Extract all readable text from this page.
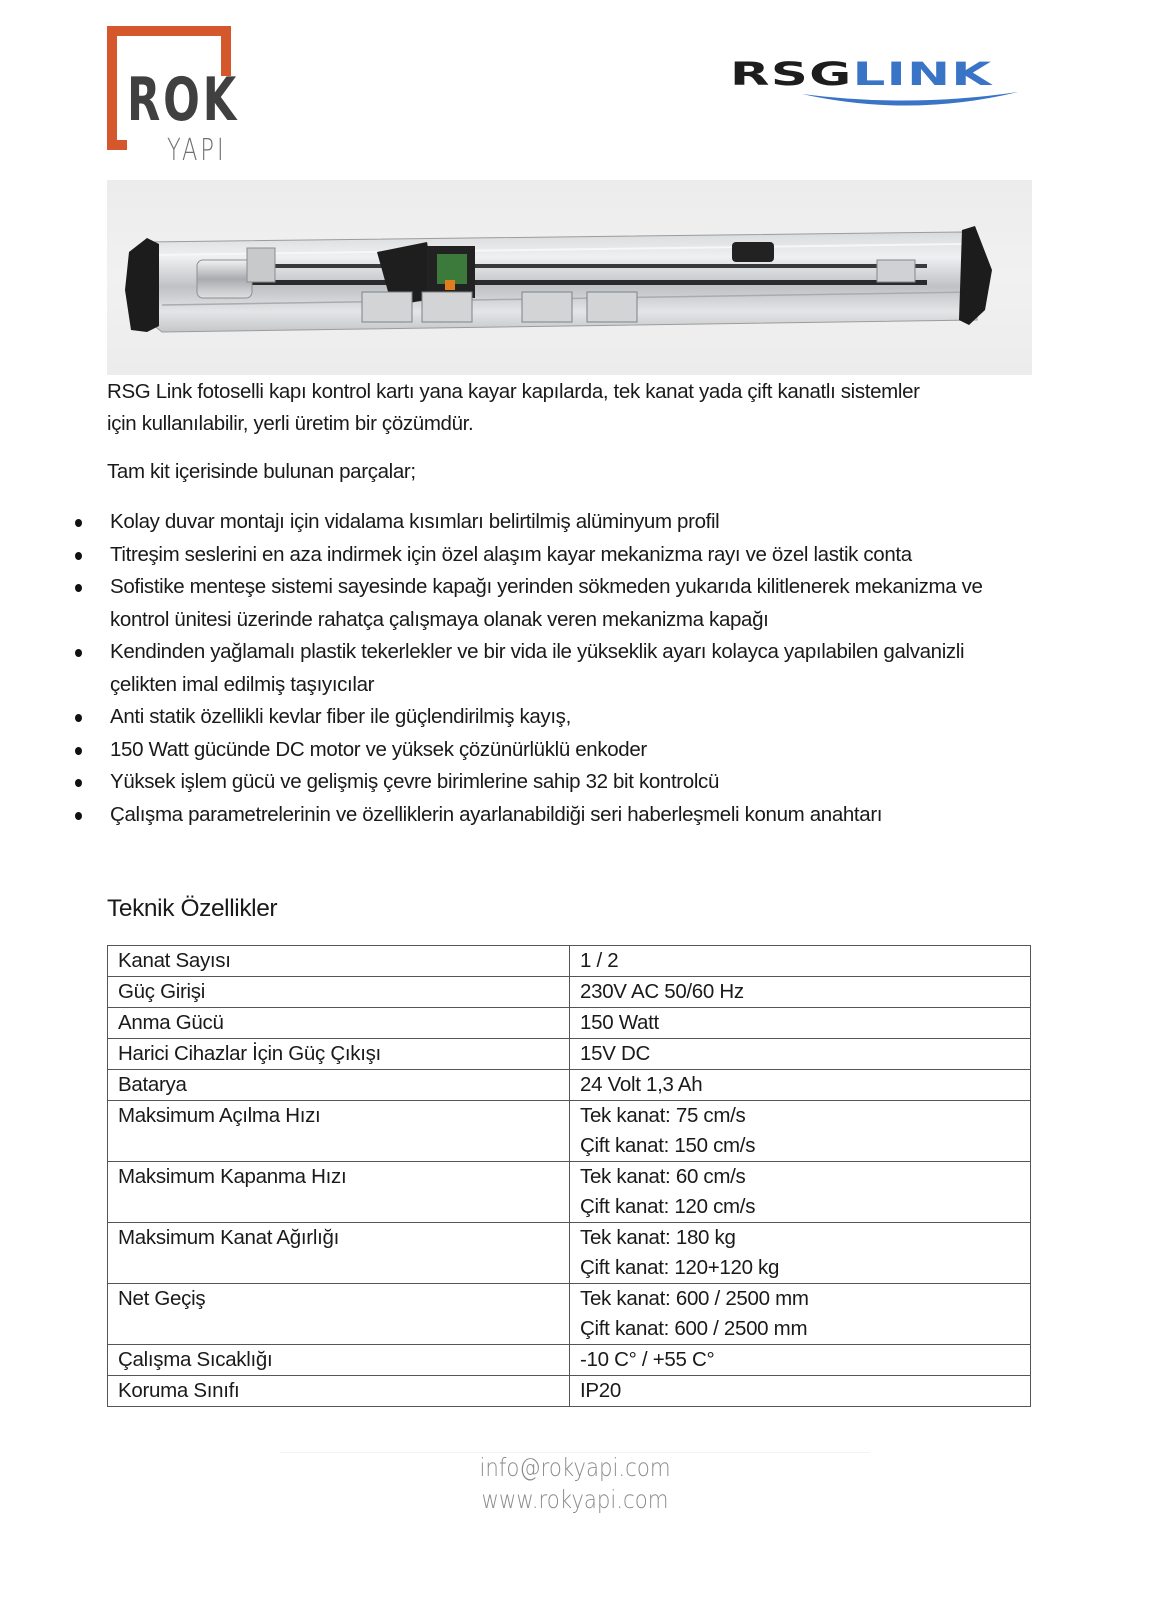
ROK
YAPI
RSGLINK
RSG Link fotoselli kapı kontrol kartı yana kayar kapılarda, tek kanat yada çift kanatlı sistemler
için kullanılabilir, yerli üretim bir çözümdür.
Tam kit içerisinde bulunan parçalar;
Kolay duvar montajı için vidalama kısımları belirtilmiş alüminyum profil
Titreşim seslerini en aza indirmek için özel alaşım kayar mekanizma rayı ve özel lastik conta
Sofistike menteşe sistemi sayesinde kapağı yerinden sökmeden yukarıda kilitlenerek mekanizma ve
kontrol ünitesi üzerinde rahatça çalışmaya olanak veren mekanizma kapağı
Kendinden yağlamalı plastik tekerlekler ve bir vida ile yükseklik ayarı kolayca yapılabilen galvanizli
çelikten imal edilmiş taşıyıcılar
Anti statik özellikli kevlar fiber ile güçlendirilmiş kayış,
150 Watt gücünde DC motor ve yüksek çözünürlüklü enkoder
Yüksek işlem gücü ve gelişmiş çevre birimlerine sahip 32 bit kontrolcü
Çalışma parametrelerinin ve özelliklerin ayarlanabildiği seri haberleşmeli konum anahtarı
Teknik Özellikler
Kanat Sayısı	1 / 2

Güç Girişi	230V AC 50/60 Hz

Anma Gücü	150 Watt

Harici Cihazlar İçin Güç Çıkışı	15V DC

Batarya	24 Volt 1,3 Ah

Maksimum Açılma Hızı	Tek kanat: 75 cm/s
Çift kanat: 150 cm/s

Maksimum Kapanma Hızı	Tek kanat: 60 cm/s
Çift kanat: 120 cm/s

Maksimum Kanat Ağırlığı	Tek kanat: 180 kg
Çift kanat: 120+120 kg

Net Geçiş	Tek kanat: 600 / 2500 mm
Çift kanat: 600 / 2500 mm

Çalışma Sıcaklığı	-10 C° / +55 C°

Koruma Sınıfı	IP20
info@rokyapi.com
www.rokyapi.com
